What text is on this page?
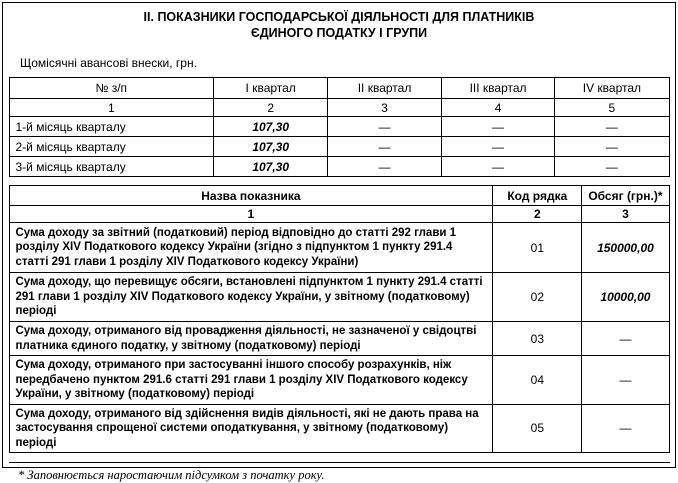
II. ПОКАЗНИКИ ГОСПОДАРСЬКОЇ ДІЯЛЬНОСТІ ДЛЯ ПЛАТНИКІВ
ЄДИНОГО ПОДАТКУ І ГРУПИ
Щомісячні авансові внески, грн.
№ з/п	I квартал	II квартал	III квартал	IV квартал
1	2	3	4	5
1-й місяць кварталу	107,30	—	—	—
2-й місяць кварталу	107,30	—	—	—
3-й місяць кварталу	107,30	—	—	—
Назва показника	Код рядка	Обсяг (грн.)*
1	2	3
Сума доходу за звітний (податковий) період відповідно до статті 292 глави 1 розділу XIV Податкового кодексу України (згідно з підпунктом 1 пункту 291.4 статті 291 глави 1 розділу XIV Податкового кодексу України)	01	150000,00
Сума доходу, що перевищує обсяги, встановлені підпунктом 1 пункту 291.4 статті 291 глави 1 розділу XIV Податкового кодексу України, у звітному (податковому) періоді	02	10000,00
Сума доходу, отриманого від провадження діяльності, не зазначеної у свідоцтві платника єдиного податку, у звітному (податковому) періоді	03	—
Сума доходу, отриманого при застосуванні іншого способу розрахунків, ніж передбачено пунктом 291.6 статті 291 глави 1 розділу XIV Податкового кодексу України, у звітному (податковому) періоді	04	—
Сума доходу, отриманого від здійснення видів діяльності, які не дають права на застосування спрощеної системи оподаткування, у звітному (податковому) періоді	05	—
* Заповнюється наростаючим підсумком з початку року.
